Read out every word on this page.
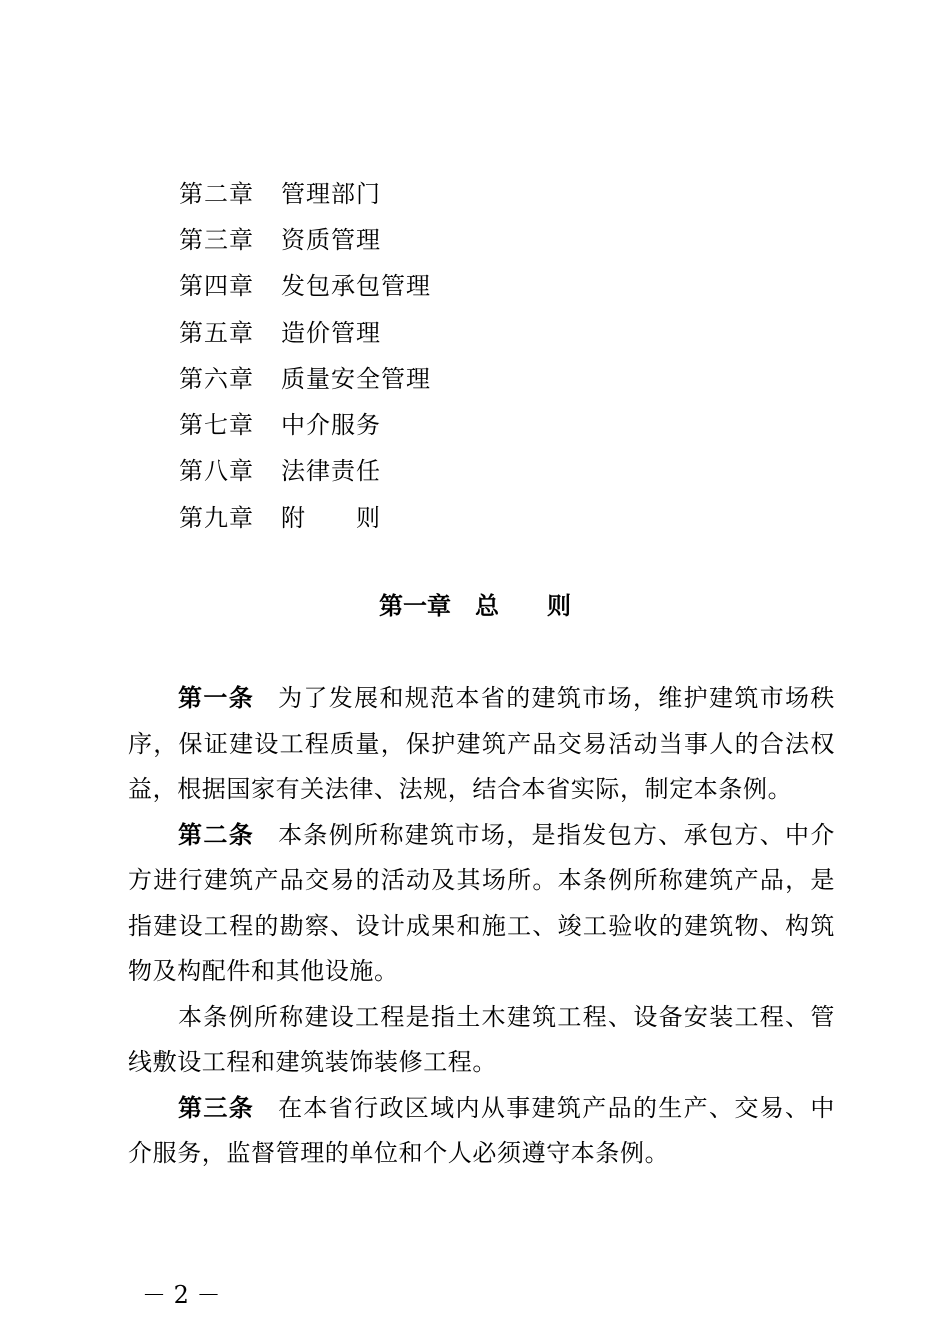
第二章	管理部门
第三章	资质管理
第四章	发包承包管理
第五章	造价管理
第六章	质量安全管理
第七章	中介服务
第八章	法律责任
第九章	附　　则
第一章　总　　则

第一条 为了发展和规范本省的建筑市场，维护建筑市场秩序，保证建设工程质量，保护建筑产品交易活动当事人的合法权益，根据国家有关法律、法规，结合本省实际，制定本条例。

第二条 本条例所称建筑市场，是指发包方、承包方、中介方进行建筑产品交易的活动及其场所。本条例所称建筑产品，是指建设工程的勘察、设计成果和施工、竣工验收的建筑物、构筑物及构配件和其他设施。

本条例所称建设工程是指土木建筑工程、设备安装工程、管线敷设工程和建筑装饰装修工程。

第三条 在本省行政区域内从事建筑产品的生产、交易、中介服务，监督管理的单位和个人必须遵守本条例。

－ 2 －
